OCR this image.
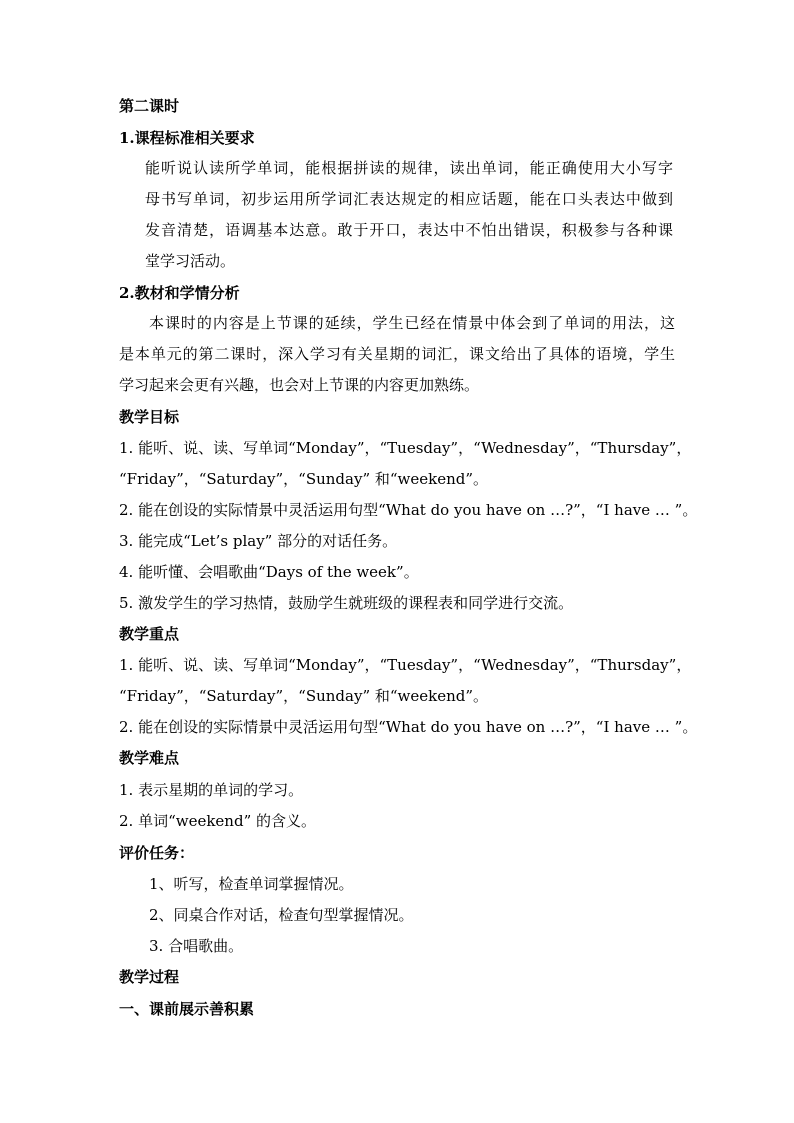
第二课时
1.课程标准相关要求
能听说认读所学单词，能根据拼读的规律，读出单词，能正确使用大小写字
母书写单词，初步运用所学词汇表达规定的相应话题，能在口头表达中做到
发音清楚，语调基本达意。敢于开口，表达中不怕出错误，积极参与各种课
堂学习活动。
2.教材和学情分析
本课时的内容是上节课的延续，学生已经在情景中体会到了单词的用法，这
是本单元的第二课时，深入学习有关星期的词汇，课文给出了具体的语境，学生
学习起来会更有兴趣，也会对上节课的内容更加熟练。
教学目标
1. 能听、说、读、写单词“Monday”，“Tuesday”，“Wednesday”，“Thursday”，
“Friday”，“Saturday”，“Sunday” 和“weekend”。
2. 能在创设的实际情景中灵活运用句型“What do you have on …?”，“I have … ”。
3. 能完成“Let’s play” 部分的对话任务。
4. 能听懂、会唱歌曲“Days of the week”。
5. 激发学生的学习热情，鼓励学生就班级的课程表和同学进行交流。
教学重点
1. 能听、说、读、写单词“Monday”，“Tuesday”，“Wednesday”，“Thursday”，
“Friday”，“Saturday”，“Sunday” 和“weekend”。
2. 能在创设的实际情景中灵活运用句型“What do you have on …?”，“I have … ”。
教学难点
1. 表示星期的单词的学习。
2. 单词“weekend” 的含义。
评价任务：
1、听写，检查单词掌握情况。
2、同桌合作对话，检查句型掌握情况。
3. 合唱歌曲。
教学过程
一、课前展示善积累
